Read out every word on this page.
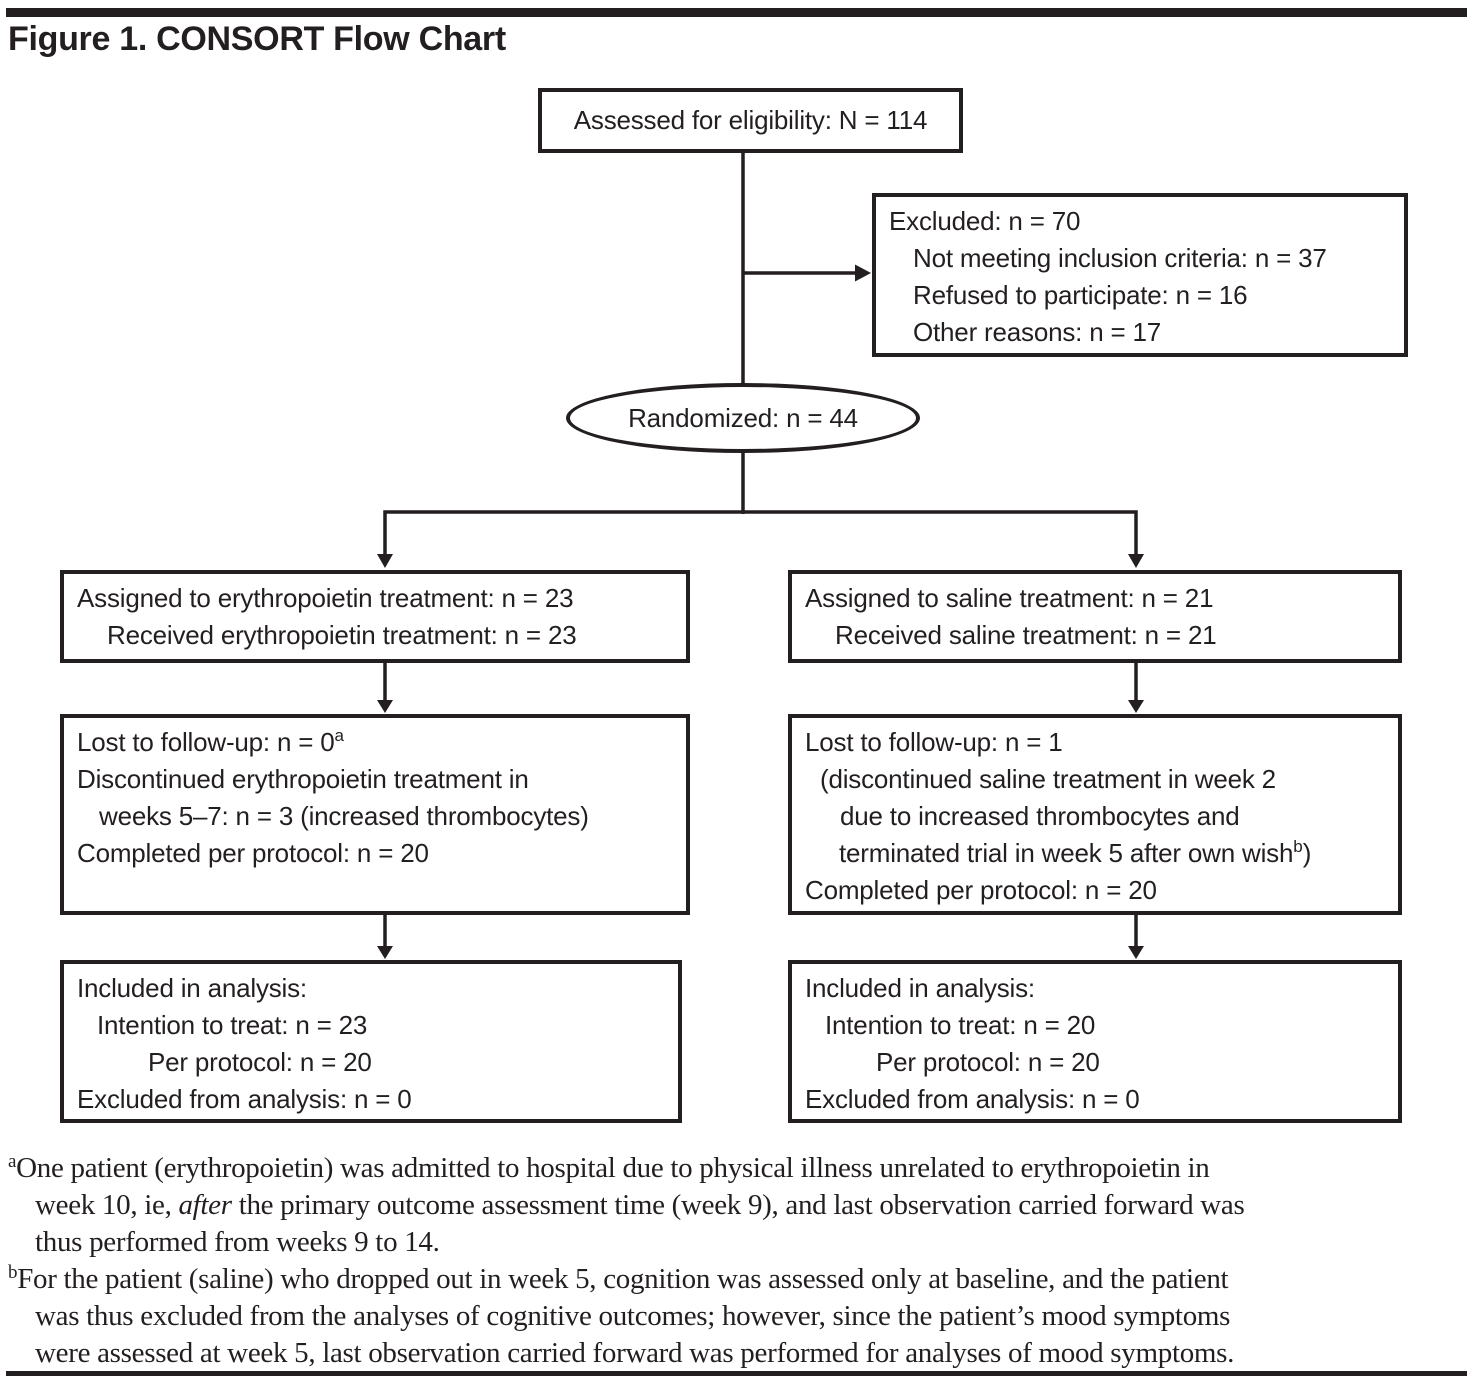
Figure 1. CONSORT Flow Chart
Assessed for eligibility: N = 114
Excluded: n = 70
Not meeting inclusion criteria: n = 37
Refused to participate: n = 16
Other reasons: n = 17
Randomized: n = 44
Assigned to erythropoietin treatment: n = 23
Received erythropoietin treatment: n = 23
Assigned to saline treatment: n = 21
Received saline treatment: n = 21
Lost to follow-up: $n = 0^a$
Discontinued erythropoietin treatment in
weeks 5–7: n = 3 (increased thrombocytes)
Completed per protocol: n = 20
Lost to follow-up: n = 1
(discontinued saline treatment in week 2
due to increased thrombocytes and
terminated trial in week 5 after own wish$^b$)
Completed per protocol: n = 20
Included in analysis:
Intention to treat: n = 23
Per protocol: n = 20
Excluded from analysis: n = 0
Included in analysis:
Intention to treat: n = 20
Per protocol: n = 20
Excluded from analysis: n = 0
$^a$One patient (erythropoietin) was admitted to hospital due to physical illness unrelated to erythropoietin in
week 10, ie, after the primary outcome assessment time (week 9), and last observation carried forward was
thus performed from weeks 9 to 14.
$^b$For the patient (saline) who dropped out in week 5, cognition was assessed only at baseline, and the patient
was thus excluded from the analyses of cognitive outcomes; however, since the patient’s mood symptoms
were assessed at week 5, last observation carried forward was performed for analyses of mood symptoms.
